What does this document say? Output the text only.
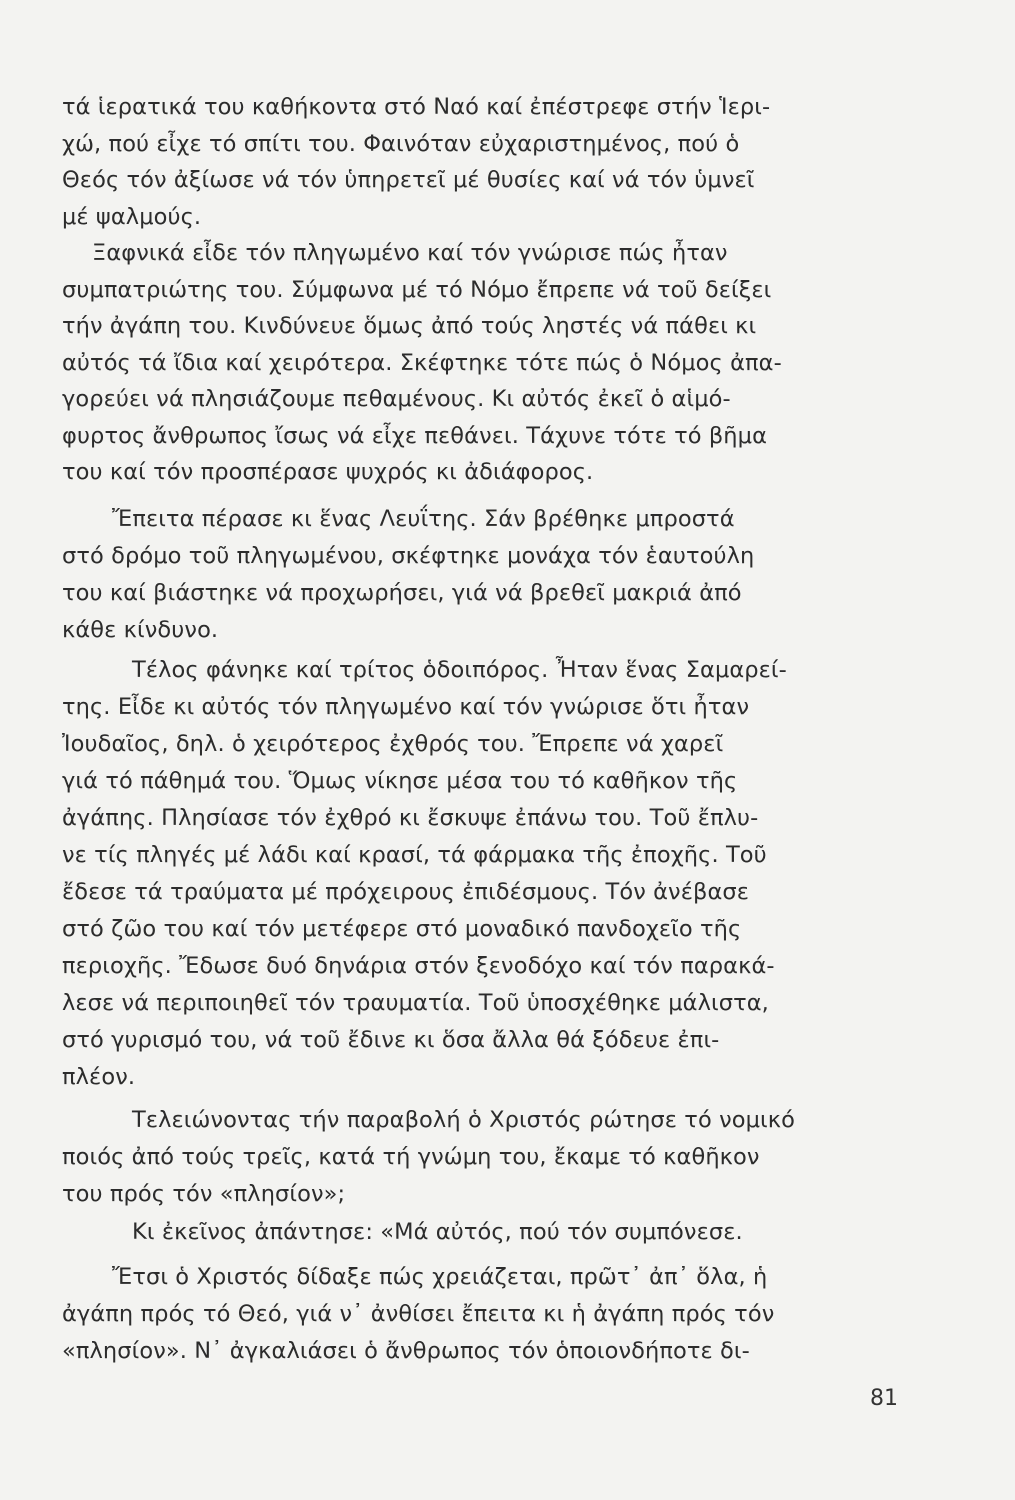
τά ἱερατικά του καθήκοντα στό Ναό καί ἐπέστρεφε στήν Ἱερι-
χώ, πού εἶχε τό σπίτι του. Φαινόταν εὐχαριστημένος, πού ὁ
Θεός τόν ἀξίωσε νά τόν ὑπηρετεῖ μέ θυσίες καί νά τόν ὑμνεῖ
μέ ψαλμούς.
Ξαφνικά εἶδε τόν πληγωμένο καί τόν γνώρισε πώς ἦταν
συμπατριώτης του. Σύμφωνα μέ τό Νόμο ἔπρεπε νά τοῦ δείξει
τήν ἀγάπη του. Κινδύνευε ὅμως ἀπό τούς ληστές νά πάθει κι
αὐτός τά ἴδια καί χειρότερα. Σκέφτηκε τότε πώς ὁ Νόμος ἀπα-
γορεύει νά πλησιάζουμε πεθαμένους. Κι αὐτός ἐκεῖ ὁ αἱμό-
φυρτος ἄνθρωπος ἴσως νά εἶχε πεθάνει. Τάχυνε τότε τό βῆμα
του καί τόν προσπέρασε ψυχρός κι ἀδιάφορος.
Ἔπειτα πέρασε κι ἕνας Λευΐτης. Σάν βρέθηκε μπροστά
στό δρόμο τοῦ πληγωμένου, σκέφτηκε μονάχα τόν ἑαυτούλη
του καί βιάστηκε νά προχωρήσει, γιά νά βρεθεῖ μακριά ἀπό
κάθε κίνδυνο.
Τέλος φάνηκε καί τρίτος ὁδοιπόρος. Ἦταν ἕνας Σαμαρεί-
της. Εἶδε κι αὐτός τόν πληγωμένο καί τόν γνώρισε ὅτι ἦταν
Ἰουδαῖος, δηλ. ὁ χειρότερος ἐχθρός του. Ἔπρεπε νά χαρεῖ
γιά τό πάθημά του. Ὅμως νίκησε μέσα του τό καθῆκον τῆς
ἀγάπης. Πλησίασε τόν ἐχθρό κι ἔσκυψε ἐπάνω του. Τοῦ ἔπλυ-
νε τίς πληγές μέ λάδι καί κρασί, τά φάρμακα τῆς ἐποχῆς. Τοῦ
ἔδεσε τά τραύματα μέ πρόχειρους ἐπιδέσμους. Τόν ἀνέβασε
στό ζῶο του καί τόν μετέφερε στό μοναδικό πανδοχεῖο τῆς
περιοχῆς. Ἔδωσε δυό δηνάρια στόν ξενοδόχο καί τόν παρακά-
λεσε νά περιποιηθεῖ τόν τραυματία. Τοῦ ὑποσχέθηκε μάλιστα,
στό γυρισμό του, νά τοῦ ἔδινε κι ὅσα ἄλλα θά ξόδευε ἐπι-
πλέον.
Τελειώνοντας τήν παραβολή ὁ Χριστός ρώτησε τό νομικό
ποιός ἀπό τούς τρεῖς, κατά τή γνώμη του, ἔκαμε τό καθῆκον
του πρός τόν «πλησίον»;
Κι ἐκεῖνος ἀπάντησε: «Μά αὐτός, πού τόν συμπόνεσε.
Ἔτσι ὁ Χριστός δίδαξε πώς χρειάζεται, πρῶτ᾽ ἀπ᾽ ὅλα, ἡ
ἀγάπη πρός τό Θεό, γιά ν᾽ ἀνθίσει ἔπειτα κι ἡ ἀγάπη πρός τόν
«πλησίον». Ν᾽ ἀγκαλιάσει ὁ ἄνθρωπος τόν ὁποιονδήποτε δι-
81
